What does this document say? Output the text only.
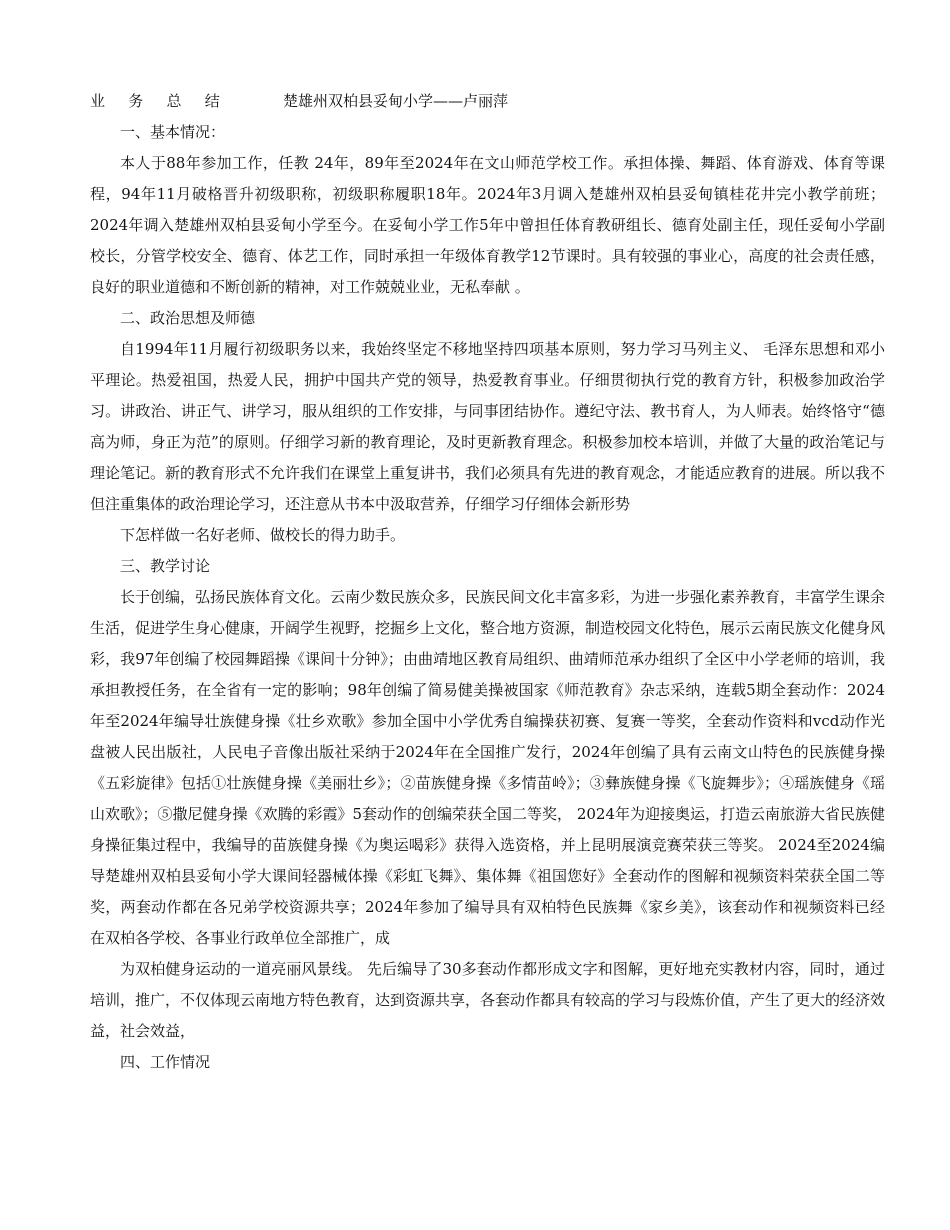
业务总结	楚雄州双柏县妥甸小学——卢丽萍

一、基本情况：

本人于88年参加工作，任教 24年，89年至2024年在文山师范学校工作。承担体操、舞蹈、体育游戏、体育等课程，94年11月破格晋升初级职称，初级职称履职18年。2024年3月调入楚雄州双柏县妥甸镇桂花井完小教学前班；2024年调入楚雄州双柏县妥甸小学至今。在妥甸小学工作5年中曾担任体育教研组长、德育处副主任，现任妥甸小学副校长，分管学校安全、德育、体艺工作，同时承担一年级体育教学12节课时。具有较强的事业心，高度的社会责任感，良好的职业道德和不断创新的精神，对工作兢兢业业，无私奉献 。

二、政治思想及师德

自1994年11月履行初级职务以来，我始终坚定不移地坚持四项基本原则，努力学习马列主义、 毛泽东思想和邓小平理论。热爱祖国，热爱人民，拥护中国共产党的领导，热爱教育事业。仔细贯彻执行党的教育方针，积极参加政治学习。讲政治、讲正气、讲学习，服从组织的工作安排，与同事团结协作。遵纪守法、教书育人，为人师表。始终恪守“德高为师，身正为范”的原则。仔细学习新的教育理论，及时更新教育理念。积极参加校本培训，并做了大量的政治笔记与理论笔记。新的教育形式不允许我们在课堂上重复讲书，我们必须具有先进的教育观念，才能适应教育的进展。所以我不但注重集体的政治理论学习，还注意从书本中汲取营养，仔细学习仔细体会新形势

下怎样做一名好老师、做校长的得力助手。

三、教学讨论

长于创编，弘扬民族体育文化。云南少数民族众多，民族民间文化丰富多彩，为进一步强化素养教育，丰富学生课余生活，促进学生身心健康，开阔学生视野，挖掘乡上文化，整合地方资源，制造校园文化特色，展示云南民族文化健身风彩，我97年创编了校园舞蹈操《课间十分钟》；由曲靖地区教育局组织、曲靖师范承办组织了全区中小学老师的培训，我承担教授任务，在全省有一定的影响；98年创编了简易健美操被国家《师范教育》杂志采纳，连载5期全套动作：2024年至2024年编导壮族健身操《壮乡欢歌》参加全国中小学优秀自编操获初赛、复赛一等奖，全套动作资料和vcd动作光盘被人民出版社，人民电子音像出版社采纳于2024年在全国推广发行，2024年创编了具有云南文山特色的民族健身操《五彩旋律》包括①壮族健身操《美丽壮乡》；②苗族健身操《多情苗岭》；③彝族健身操《飞旋舞步》；④瑶族健身《瑶山欢歌》；⑤撒尼健身操《欢腾的彩霞》5套动作的创编荣获全国二等奖， 2024年为迎接奥运，打造云南旅游大省民族健身操征集过程中，我编导的苗族健身操《为奥运喝彩》获得入选资格，并上昆明展演竞赛荣获三等奖。 2024至2024编导楚雄州双柏县妥甸小学大课间轻器械体操《彩虹飞舞》、集体舞《祖国您好》全套动作的图解和视频资料荣获全国二等奖，两套动作都在各兄弟学校资源共享；2024年参加了编导具有双柏特色民族舞《家乡美》，该套动作和视频资料已经在双柏各学校、各事业行政单位全部推广，成

为双柏健身运动的一道亮丽风景线。 先后编导了30多套动作都形成文字和图解，更好地充实教材内容，同时，通过培训，推广，不仅体现云南地方特色教育，达到资源共享，各套动作都具有较高的学习与段炼价值，产生了更大的经济效益，社会效益，

四、工作情况
